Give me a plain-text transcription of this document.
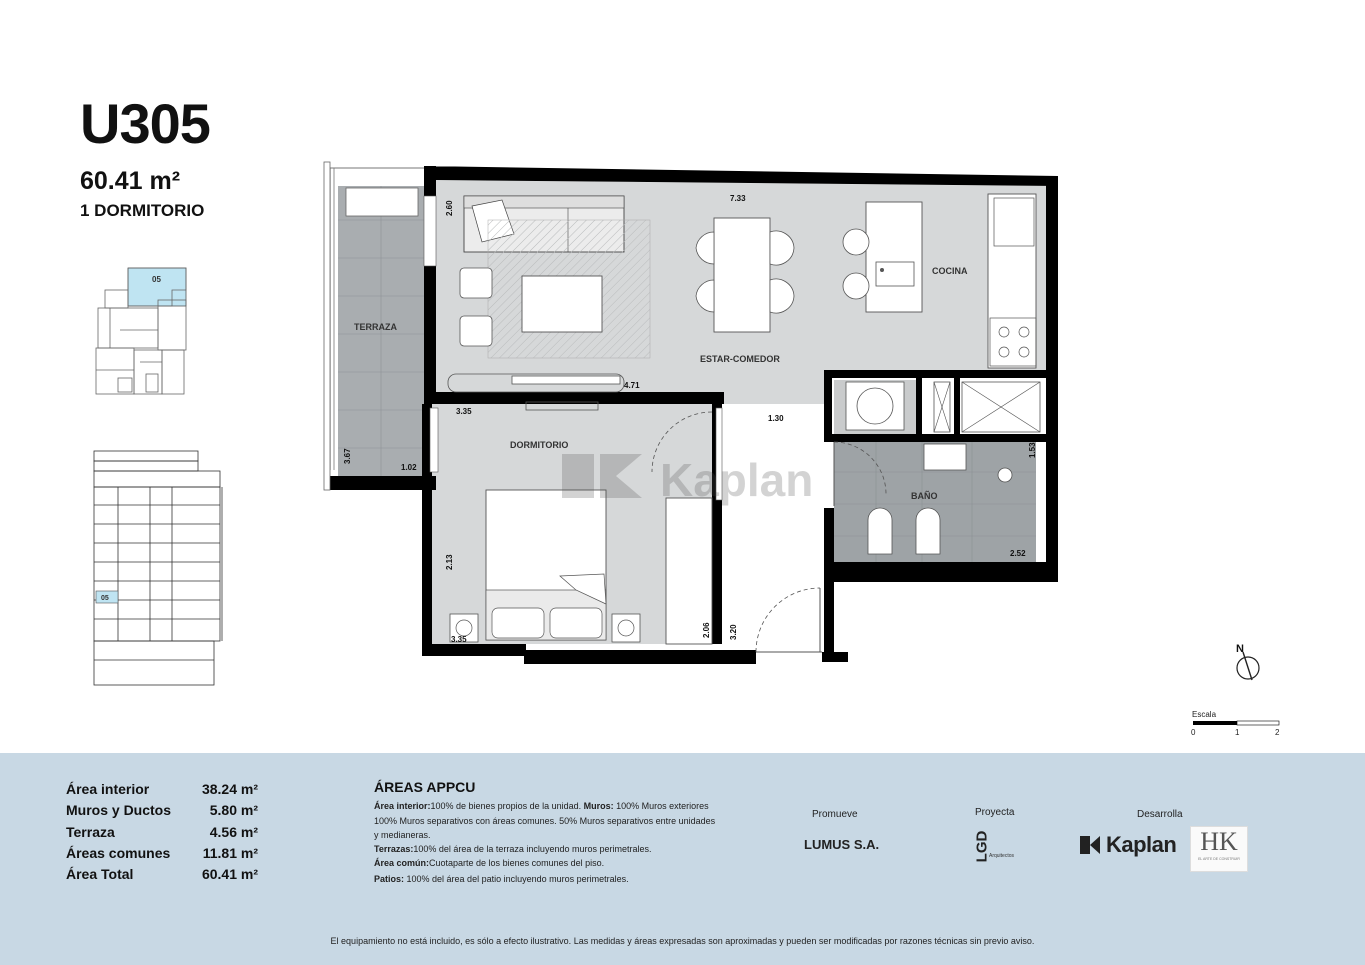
U305
60.41 m²
1 DORMITORIO
05
05
Kaplan
TERRAZA
ESTAR-COMEDOR
COCINA
DORMITORIO
BAÑO
7.33
2.60
4.71
3.35
1.30
3.67
1.02
1.53
2.52
2.13
2.06 3.20
3.35
N
Escala
0	1	2
Área interior	38.24 m²
Muros y Ductos	5.80 m²
Terraza	4.56 m²
Áreas comunes	11.81 m²
Área Total	60.41 m²
ÁREAS APPCU
Área interior:100% de bienes propios de la unidad. Muros: 100% Muros exteriores
100% Muros separativos con áreas comunes. 50% Muros separativos entre unidades
y medianeras.
Terrazas:100% del área de la terraza incluyendo muros perimetrales.
Área común:Cuotaparte de los bienes comunes del piso.
Patios: 100% del área del patio incluyendo muros perimetrales.
Promueve
LUMUS S.A.
Proyecta
LGD
Arquitectos
Desarrolla
Kaplan HK
EL ARTE DE CONSTRUIR
El equipamiento no está incluido, es sólo a efecto ilustrativo. Las medidas y áreas expresadas son aproximadas y pueden ser modificadas por razones técnicas sin previo aviso.
